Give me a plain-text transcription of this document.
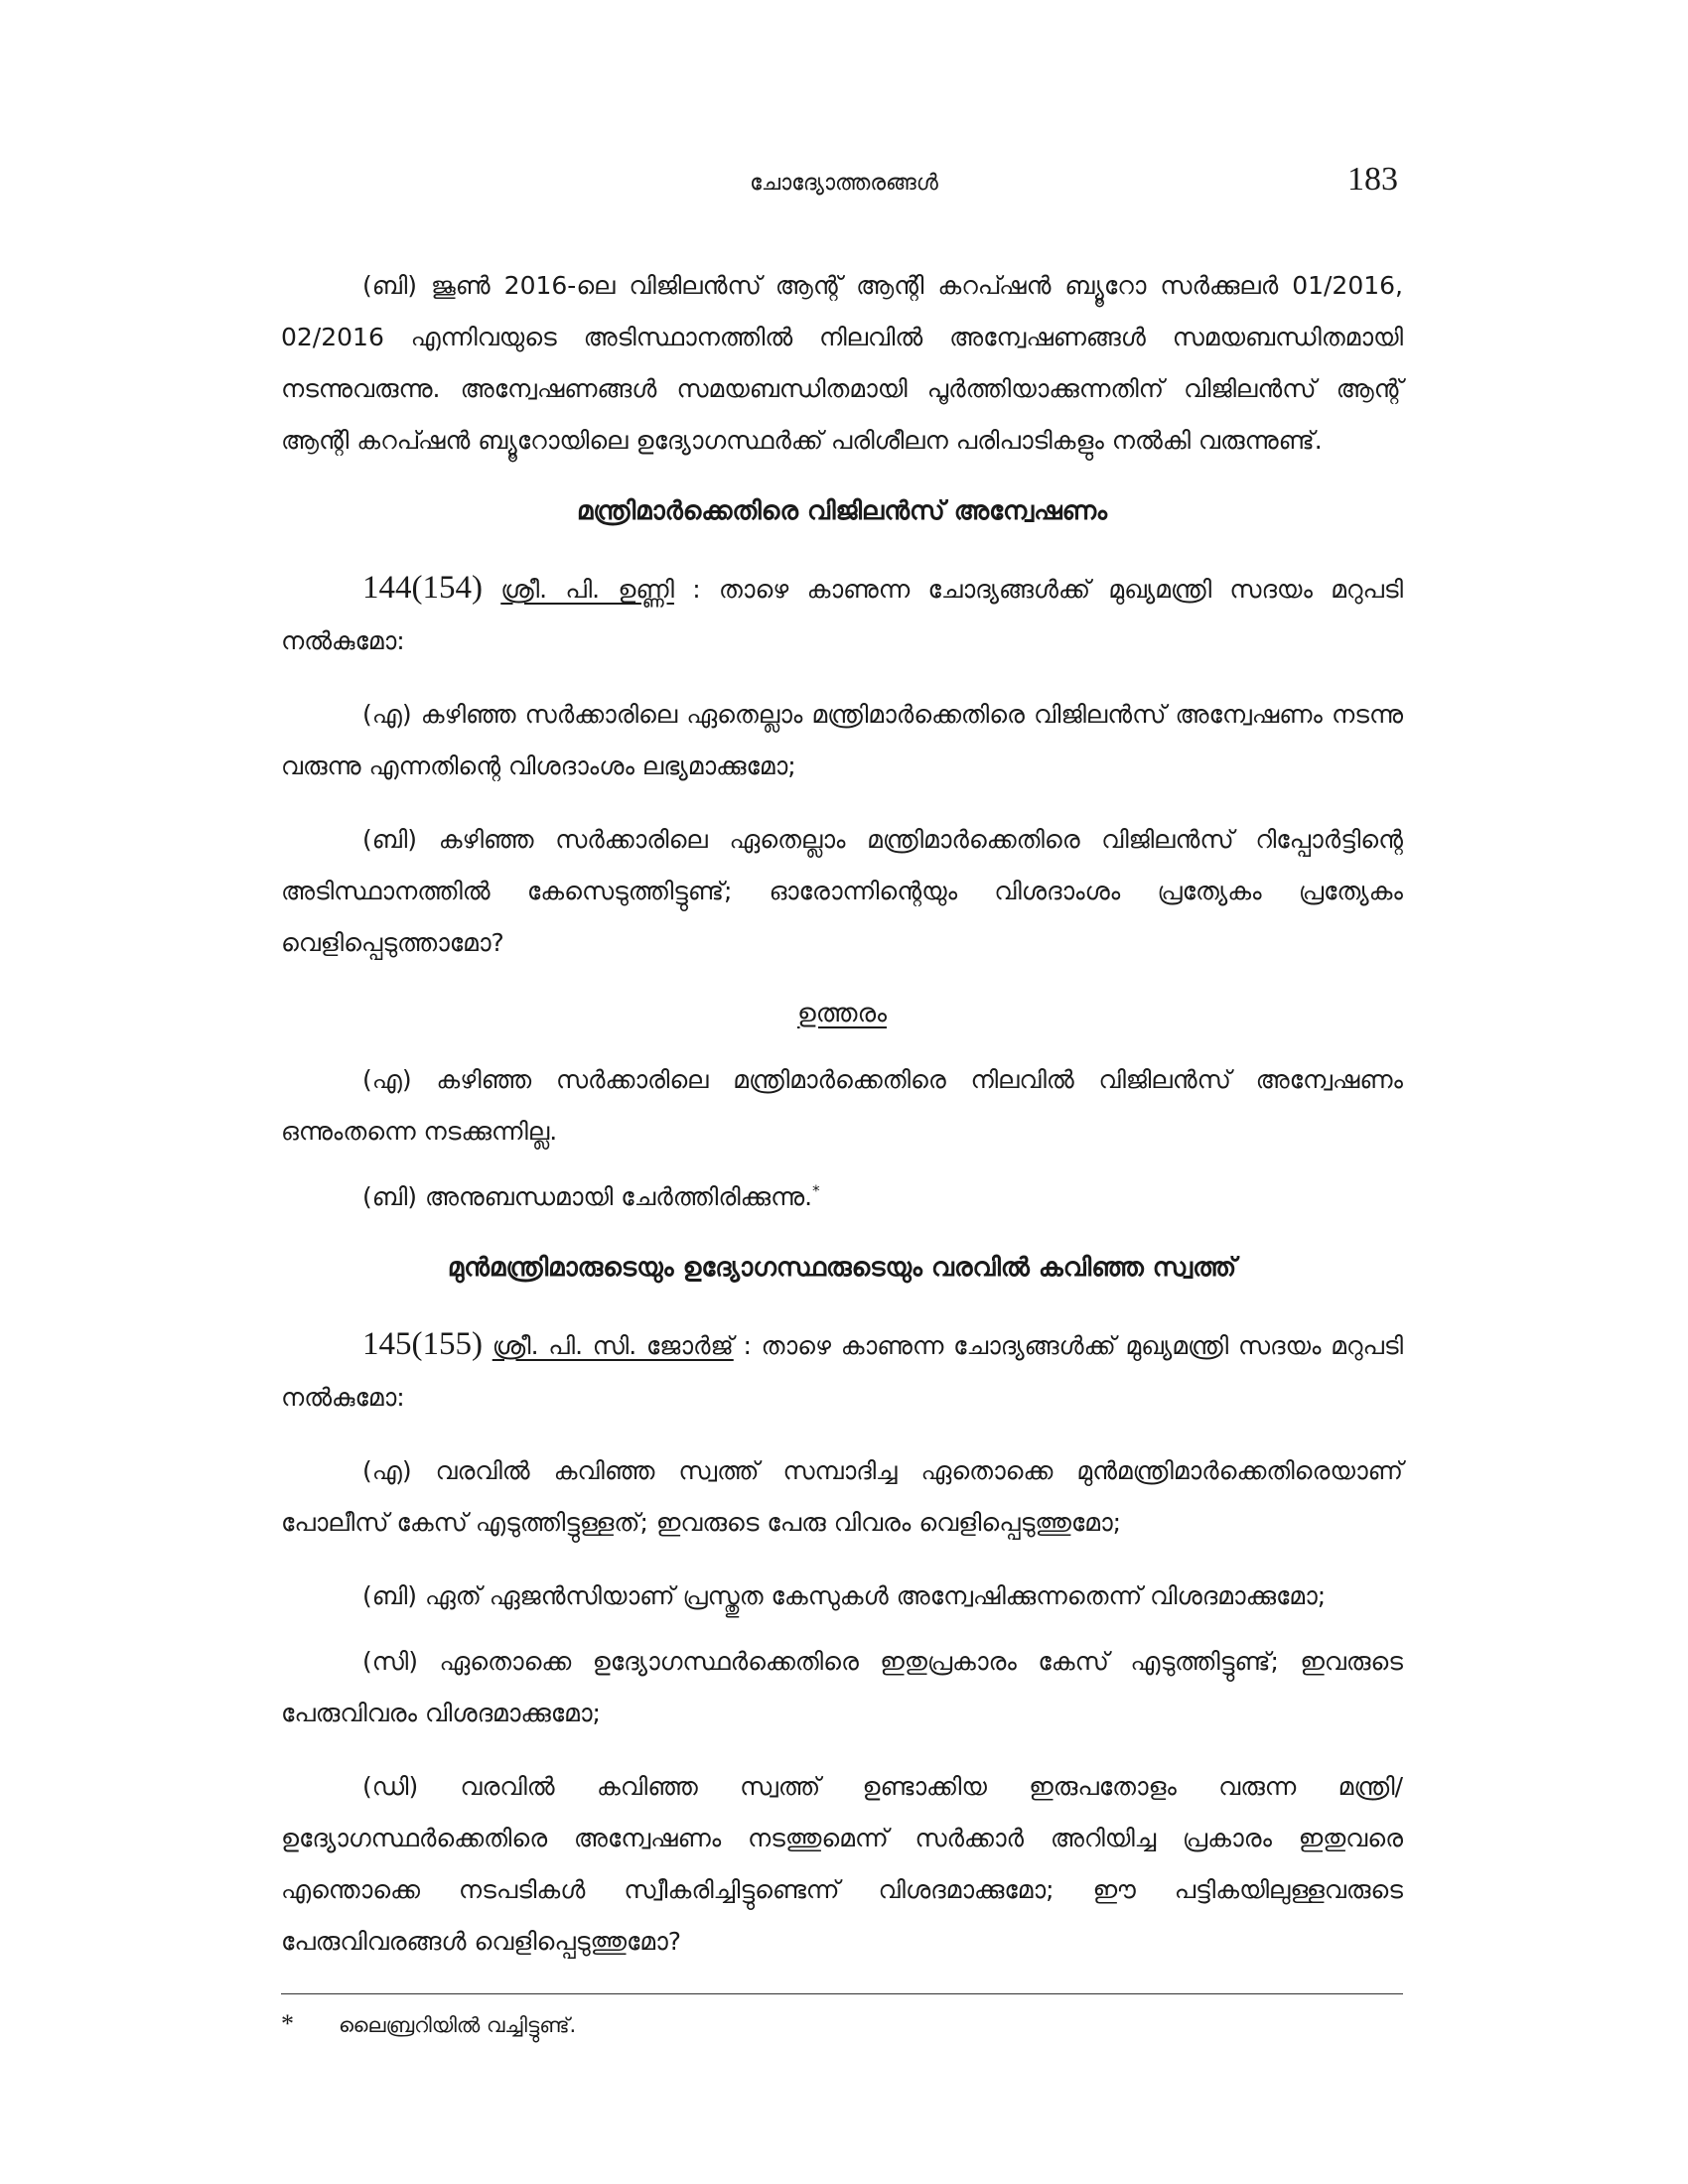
ചോദ്യോത്തരങ്ങൾ	183

(ബി) ജൂൺ 2016-ലെ വിജിലൻസ് ആന്റ് ആന്റി കറപ്ഷൻ ബ്യൂറോ സർക്കുലർ 01/2016, 02/2016 എന്നിവയുടെ അടിസ്ഥാനത്തിൽ നിലവിൽ അന്വേഷണങ്ങൾ സമയബന്ധിതമായി നടന്നുവരുന്നു. അന്വേഷണങ്ങൾ സമയബന്ധിതമായി പൂർത്തിയാക്കുന്നതിന് വിജിലൻസ് ആന്റ് ആന്റി കറപ്ഷൻ ബ്യൂറോയിലെ ഉദ്യോഗസ്ഥർക്ക് പരിശീലന പരിപാടികളും നൽകി വരുന്നുണ്ട്.

മന്ത്രിമാർക്കെതിരെ വിജിലൻസ് അന്വേഷണം

144(154) ശ്രീ. പി. ഉണ്ണി : താഴെ കാണുന്ന ചോദ്യങ്ങൾക്ക് മുഖ്യമന്ത്രി സദയം മറുപടി നൽകുമോ:

(എ) കഴിഞ്ഞ സർക്കാരിലെ ഏതെല്ലാം മന്ത്രിമാർക്കെതിരെ വിജിലൻസ് അന്വേഷണം നടന്നു വരുന്നു എന്നതിന്റെ വിശദാംശം ലഭ്യമാക്കുമോ;

(ബി) കഴിഞ്ഞ സർക്കാരിലെ ഏതെല്ലാം മന്ത്രിമാർക്കെതിരെ വിജിലൻസ് റിപ്പോർട്ടിന്റെ അടിസ്ഥാനത്തിൽ കേസെടുത്തിട്ടുണ്ട്; ഓരോന്നിന്റെയും വിശദാംശം പ്രത്യേകം പ്രത്യേകം വെളിപ്പെടുത്താമോ?

ഉത്തരം

(എ) കഴിഞ്ഞ സർക്കാരിലെ മന്ത്രിമാർക്കെതിരെ നിലവിൽ വിജിലൻസ് അന്വേഷണം ഒന്നുംതന്നെ നടക്കുന്നില്ല.

(ബി) അനുബന്ധമായി ചേർത്തിരിക്കുന്നു.*

മുൻമന്ത്രിമാരുടെയും ഉദ്യോഗസ്ഥരുടെയും വരവിൽ കവിഞ്ഞ സ്വത്ത്

145(155) ശ്രീ. പി. സി. ജോർജ് : താഴെ കാണുന്ന ചോദ്യങ്ങൾക്ക് മുഖ്യമന്ത്രി സദയം മറുപടി നൽകുമോ:

(എ) വരവിൽ കവിഞ്ഞ സ്വത്ത് സമ്പാദിച്ച ഏതൊക്കെ മുൻമന്ത്രിമാർക്കെതിരെയാണ് പോലീസ് കേസ് എടുത്തിട്ടുള്ളത്; ഇവരുടെ പേരു വിവരം വെളിപ്പെടുത്തുമോ;

(ബി) ഏത് ഏജൻസിയാണ് പ്രസ്തുത കേസുകൾ അന്വേഷിക്കുന്നതെന്ന് വിശദമാക്കുമോ;

(സി) ഏതൊക്കെ ഉദ്യോഗസ്ഥർക്കെതിരെ ഇതുപ്രകാരം കേസ് എടുത്തിട്ടുണ്ട്; ഇവരുടെ പേരുവിവരം വിശദമാക്കുമോ;

(ഡി) വരവിൽ കവിഞ്ഞ സ്വത്ത് ഉണ്ടാക്കിയ ഇരുപതോളം വരുന്ന മന്ത്രി/ ഉദ്യോഗസ്ഥർക്കെതിരെ അന്വേഷണം നടത്തുമെന്ന് സർക്കാർ അറിയിച്ച പ്രകാരം ഇതുവരെ എന്തൊക്കെ നടപടികൾ സ്വീകരിച്ചിട്ടുണ്ടെന്ന് വിശദമാക്കുമോ; ഈ പട്ടികയിലുള്ളവരുടെ പേരുവിവരങ്ങൾ വെളിപ്പെടുത്തുമോ?

* ലൈബ്രറിയിൽ വച്ചിട്ടുണ്ട്.
